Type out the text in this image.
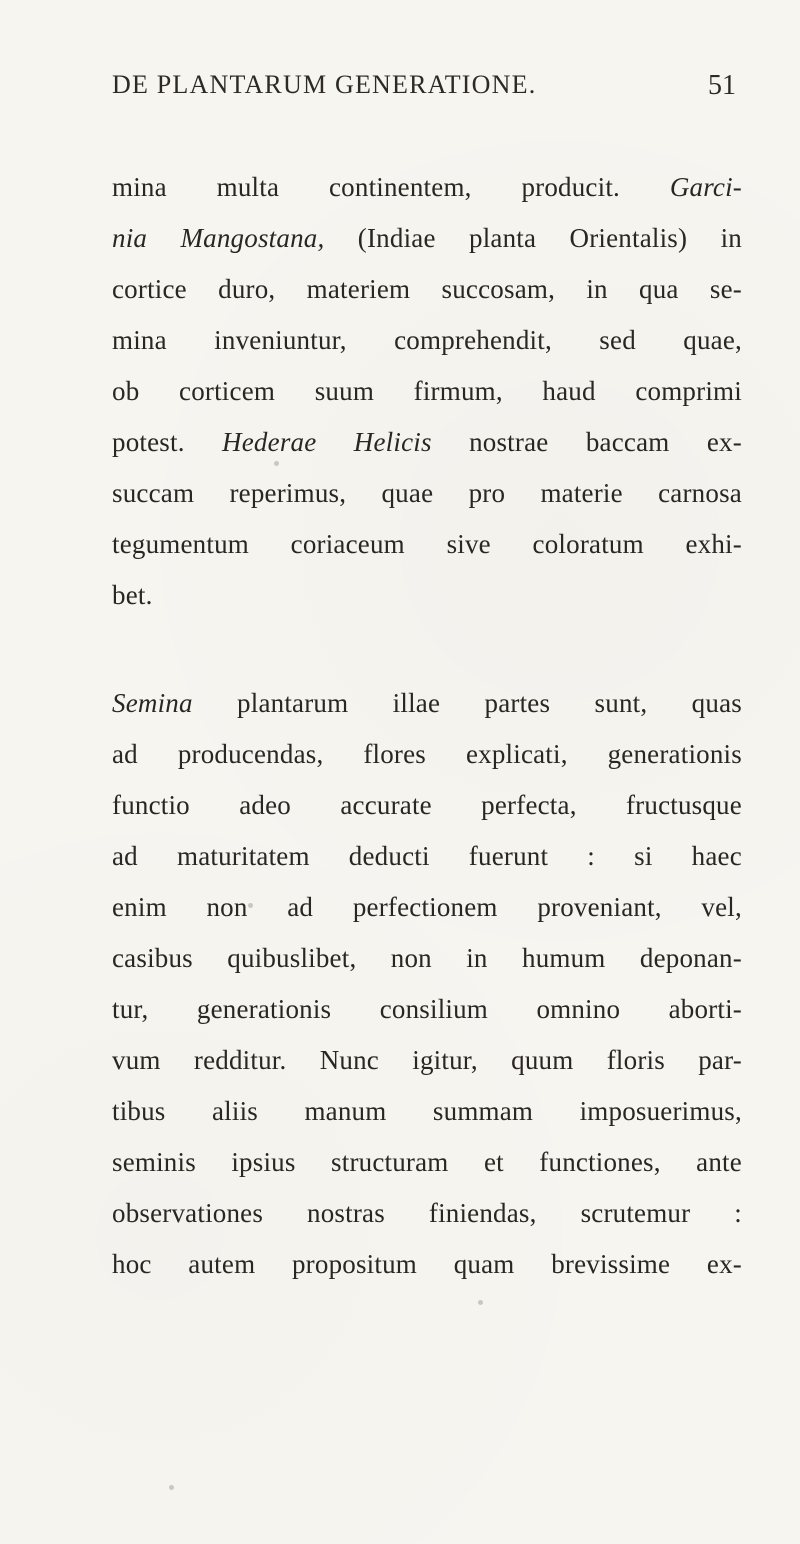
DE PLANTARUM GENERATIONE.	51
mina multa continentem, producit. Garci-
nia Mangostana, (Indiae planta Orientalis) in
cortice duro, materiem succosam, in qua se-
mina inveniuntur, comprehendit, sed quae,
ob corticem suum firmum, haud comprimi
potest. Hederae Helicis nostrae baccam ex-
succam reperimus, quae pro materie carnosa
tegumentum coriaceum sive coloratum exhi-
bet.
Semina plantarum illae partes sunt, quas
ad producendas, flores explicati, generationis
functio adeo accurate perfecta, fructusque
ad maturitatem deducti fuerunt : si haec
enim non ad perfectionem proveniant, vel,
casibus quibuslibet, non in humum deponan-
tur, generationis consilium omnino aborti-
vum redditur. Nunc igitur, quum floris par-
tibus aliis manum summam imposuerimus,
seminis ipsius structuram et functiones, ante
observationes nostras finiendas, scrutemur :
hoc autem propositum quam brevissime ex-
